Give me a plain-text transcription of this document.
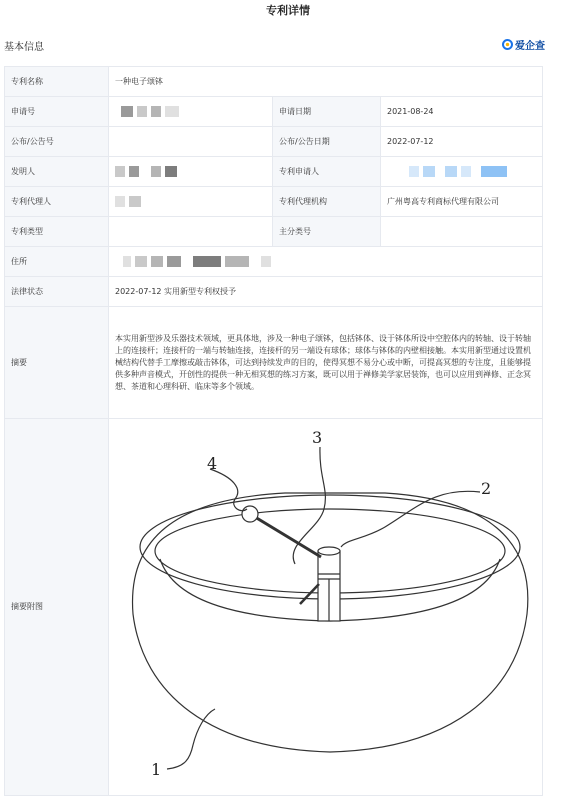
专利详情
基本信息	爱企查
专利名称	一种电子颂钵		
申请号		申请日期	2021-08-24
公布/公告号		公布/公告日期	2022-07-12
发明人		专利申请人	
专利代理人		专利代理机构	广州粤高专利商标代理有限公司
专利类型		主分类号	
住所			
法律状态	2022-07-12 实用新型专利权授予		
摘要	本实用新型涉及乐器技术领域，更具体地，涉及一种电子颂钵，包括钵体、设于钵体所设中空腔体内的转轴、设于转轴上的连接杆；连接杆的一端与转轴连接，连接杆的另一端设有球体；球体与钵体的内壁相接触。本实用新型通过设置机械结构代替手工摩擦或敲击钵体，可达到持续发声的目的，使得冥想不易分心或中断，可提高冥想的专注度，且能够提供多种声音模式，开创性的提供一种无相冥想的练习方案，既可以用于禅修美学家居装饰，也可以应用到禅修、正念冥想、茶道和心理科研、临床等多个领域。		
摘要附图	4
3
2
1		
